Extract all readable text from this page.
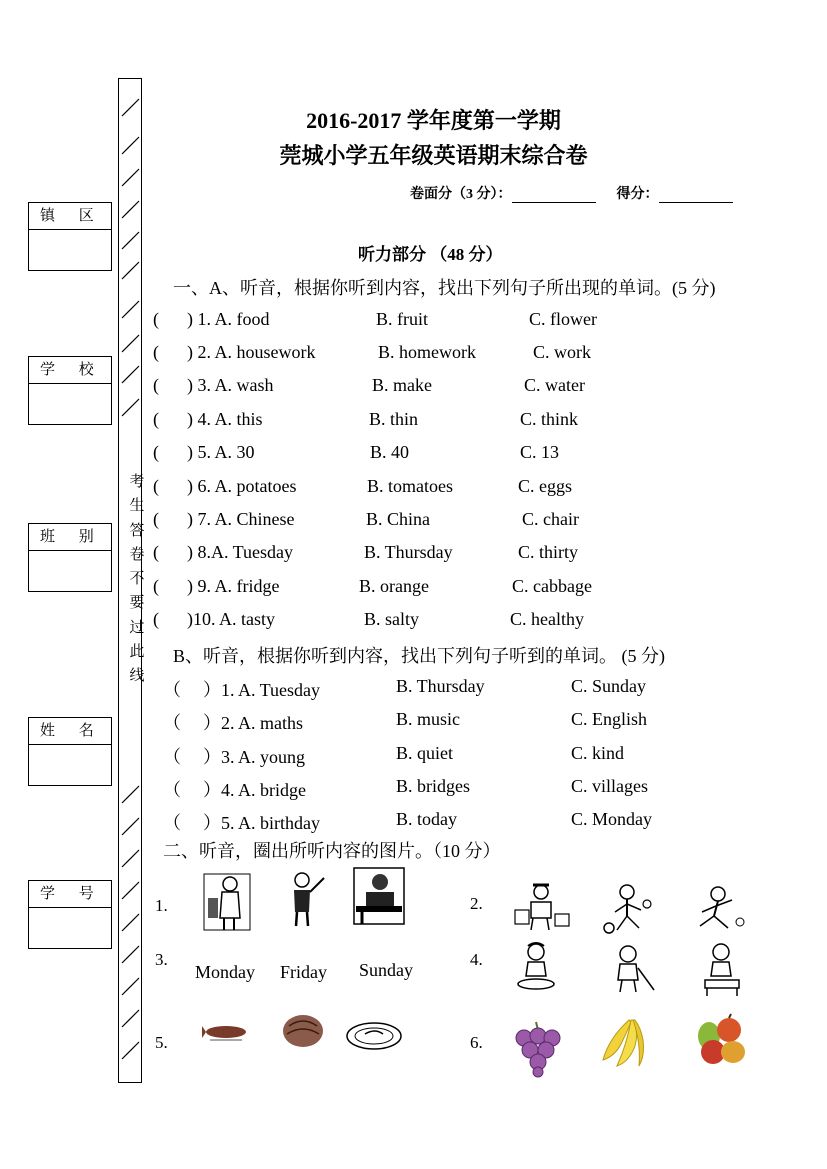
考生答卷不要过此线
镇 区
学 校
班 别
姓 名
学 号
2016-2017 学年度第一学期
莞城小学五年级英语期末综合卷
卷面分（3 分）：	得分：
听力部分 （48 分）
一、A、听音，根据你听到内容，找出下列句子所出现的单词。(5 分)
( ) 1. A. food	B. fruit	C. flower
( ) 2. A. housework	B. homework	C. work
( ) 3. A. wash	B. make	C. water
( ) 4. A. this	B. thin	C. think
( ) 5. A. 30	B. 40	C. 13
( ) 6. A. potatoes	B. tomatoes	C. eggs
( ) 7. A. Chinese	B. China	C. chair
( ) 8.A. Tuesday	B. Thursday	C. thirty
( ) 9. A. fridge	B. orange	C. cabbage
( )10. A. tasty	B. salty	C. healthy
B、听音，根据你听到内容，找出下列句子听到的单词。 (5 分)
（ ）1. A. Tuesday	B. Thursday	C. Sunday
（ ）2. A. maths	B. music	C. English
（ ）3. A. young	B. quiet	C. kind
（ ）4. A. bridge	B. bridges	C. villages
（ ）5. A. birthday	B. today	C. Monday
二、听音，圈出所听内容的图片。（10 分）
1.	2.
3.	4.
5.	6.
Monday Friday Sunday
